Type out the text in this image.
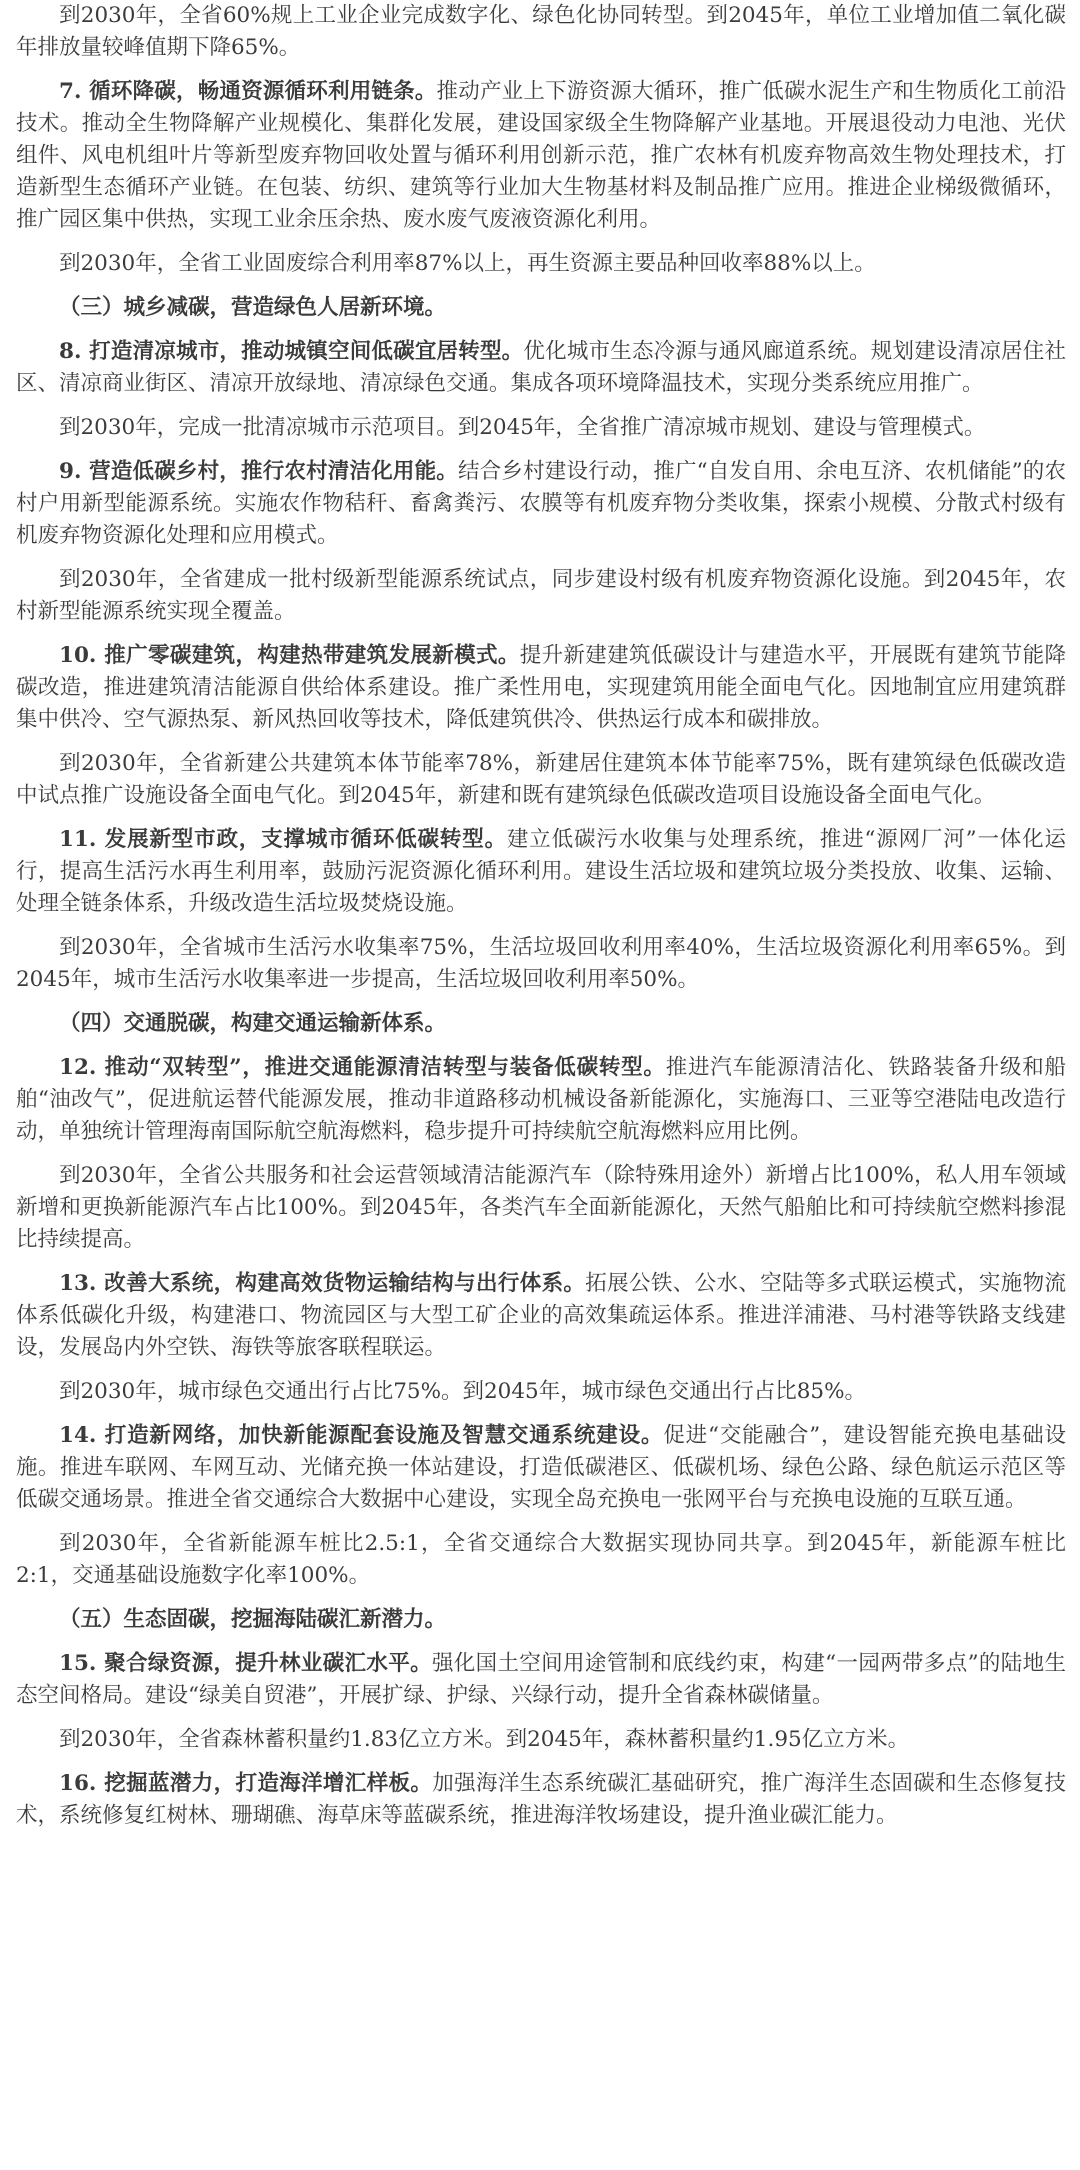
到2030年，全省60%规上工业企业完成数字化、绿色化协同转型。到2045年，单位工业增加值二氧化碳年排放量较峰值期下降65%。

7. 循环降碳，畅通资源循环利用链条。推动产业上下游资源大循环，推广低碳水泥生产和生物质化工前沿技术。推动全生物降解产业规模化、集群化发展，建设国家级全生物降解产业基地。开展退役动力电池、光伏组件、风电机组叶片等新型废弃物回收处置与循环利用创新示范，推广农林有机废弃物高效生物处理技术，打造新型生态循环产业链。在包装、纺织、建筑等行业加大生物基材料及制品推广应用。推进企业梯级微循环，推广园区集中供热，实现工业余压余热、废水废气废液资源化利用。

到2030年，全省工业固废综合利用率87%以上，再生资源主要品种回收率88%以上。

（三）城乡减碳，营造绿色人居新环境。

8. 打造清凉城市，推动城镇空间低碳宜居转型。优化城市生态冷源与通风廊道系统。规划建设清凉居住社区、清凉商业街区、清凉开放绿地、清凉绿色交通。集成各项环境降温技术，实现分类系统应用推广。

到2030年，完成一批清凉城市示范项目。到2045年，全省推广清凉城市规划、建设与管理模式。

9. 营造低碳乡村，推行农村清洁化用能。结合乡村建设行动，推广“自发自用、余电互济、农机储能”的农村户用新型能源系统。实施农作物秸秆、畜禽粪污、农膜等有机废弃物分类收集，探索小规模、分散式村级有机废弃物资源化处理和应用模式。

到2030年，全省建成一批村级新型能源系统试点，同步建设村级有机废弃物资源化设施。到2045年，农村新型能源系统实现全覆盖。

10. 推广零碳建筑，构建热带建筑发展新模式。提升新建建筑低碳设计与建造水平，开展既有建筑节能降碳改造，推进建筑清洁能源自供给体系建设。推广柔性用电，实现建筑用能全面电气化。因地制宜应用建筑群集中供冷、空气源热泵、新风热回收等技术，降低建筑供冷、供热运行成本和碳排放。

到2030年，全省新建公共建筑本体节能率78%，新建居住建筑本体节能率75%，既有建筑绿色低碳改造中试点推广设施设备全面电气化。到2045年，新建和既有建筑绿色低碳改造项目设施设备全面电气化。

11. 发展新型市政，支撑城市循环低碳转型。建立低碳污水收集与处理系统，推进“源网厂河”一体化运行，提高生活污水再生利用率，鼓励污泥资源化循环利用。建设生活垃圾和建筑垃圾分类投放、收集、运输、处理全链条体系，升级改造生活垃圾焚烧设施。

到2030年，全省城市生活污水收集率75%，生活垃圾回收利用率40%，生活垃圾资源化利用率65%。到2045年，城市生活污水收集率进一步提高，生活垃圾回收利用率50%。

（四）交通脱碳，构建交通运输新体系。

12. 推动“双转型”，推进交通能源清洁转型与装备低碳转型。推进汽车能源清洁化、铁路装备升级和船舶“油改气”，促进航运替代能源发展，推动非道路移动机械设备新能源化，实施海口、三亚等空港陆电改造行动，单独统计管理海南国际航空航海燃料，稳步提升可持续航空航海燃料应用比例。

到2030年，全省公共服务和社会运营领域清洁能源汽车（除特殊用途外）新增占比100%，私人用车领域新增和更换新能源汽车占比100%。到2045年，各类汽车全面新能源化，天然气船舶比和可持续航空燃料掺混比持续提高。

13. 改善大系统，构建高效货物运输结构与出行体系。拓展公铁、公水、空陆等多式联运模式，实施物流体系低碳化升级，构建港口、物流园区与大型工矿企业的高效集疏运体系。推进洋浦港、马村港等铁路支线建设，发展岛内外空铁、海铁等旅客联程联运。

到2030年，城市绿色交通出行占比75%。到2045年，城市绿色交通出行占比85%。

14. 打造新网络，加快新能源配套设施及智慧交通系统建设。促进“交能融合”，建设智能充换电基础设施。推进车联网、车网互动、光储充换一体站建设，打造低碳港区、低碳机场、绿色公路、绿色航运示范区等低碳交通场景。推进全省交通综合大数据中心建设，实现全岛充换电一张网平台与充换电设施的互联互通。

到2030年，全省新能源车桩比2.5:1，全省交通综合大数据实现协同共享。到2045年，新能源车桩比2:1，交通基础设施数字化率100%。

（五）生态固碳，挖掘海陆碳汇新潜力。

15. 聚合绿资源，提升林业碳汇水平。强化国土空间用途管制和底线约束，构建“一园两带多点”的陆地生态空间格局。建设“绿美自贸港”，开展扩绿、护绿、兴绿行动，提升全省森林碳储量。

到2030年，全省森林蓄积量约1.83亿立方米。到2045年，森林蓄积量约1.95亿立方米。

16. 挖掘蓝潜力，打造海洋增汇样板。加强海洋生态系统碳汇基础研究，推广海洋生态固碳和生态修复技术，系统修复红树林、珊瑚礁、海草床等蓝碳系统，推进海洋牧场建设，提升渔业碳汇能力。
